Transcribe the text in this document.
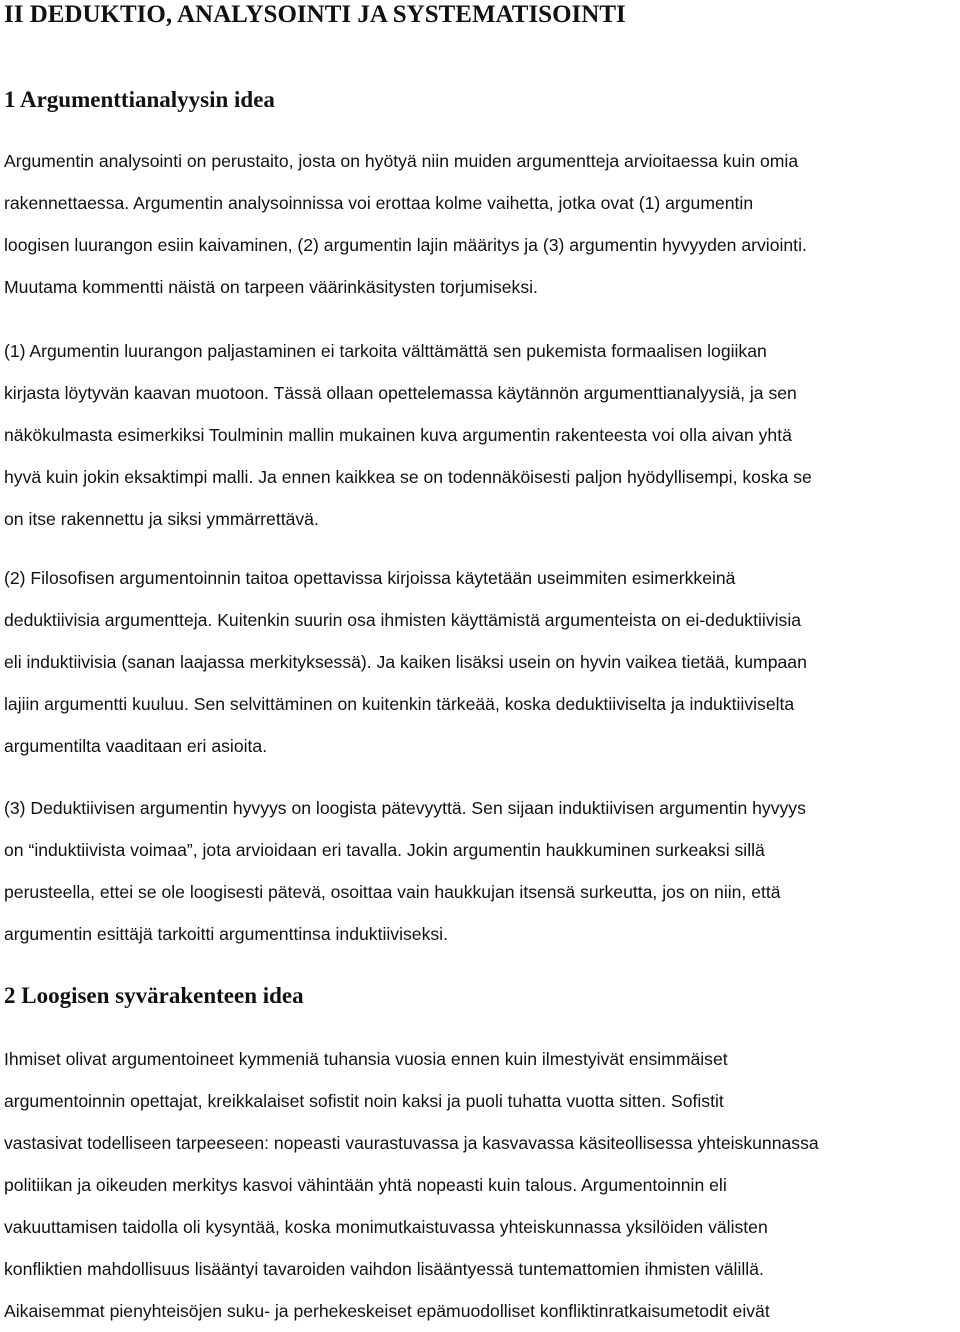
II DEDUKTIO, ANALYSOINTI JA SYSTEMATISOINTI
1 Argumenttianalyysin idea
Argumentin analysointi on perustaito, josta on hyötyä niin muiden argumentteja arvioitaessa kuin omia
rakennettaessa. Argumentin analysoinnissa voi erottaa kolme vaihetta, jotka ovat (1) argumentin
loogisen luurangon esiin kaivaminen, (2) argumentin lajin määritys ja (3) argumentin hyvyyden arviointi.
Muutama kommentti näistä on tarpeen väärinkäsitysten torjumiseksi.
(1) Argumentin luurangon paljastaminen ei tarkoita välttämättä sen pukemista formaalisen logiikan
kirjasta löytyvän kaavan muotoon. Tässä ollaan opettelemassa käytännön argumenttianalyysiä, ja sen
näkökulmasta esimerkiksi Toulminin mallin mukainen kuva argumentin rakenteesta voi olla aivan yhtä
hyvä kuin jokin eksaktimpi malli. Ja ennen kaikkea se on todennäköisesti paljon hyödyllisempi, koska se
on itse rakennettu ja siksi ymmärrettävä.
(2) Filosofisen argumentoinnin taitoa opettavissa kirjoissa käytetään useimmiten esimerkkeinä
deduktiivisia argumentteja. Kuitenkin suurin osa ihmisten käyttämistä argumenteista on ei-deduktiivisia
eli induktiivisia (sanan laajassa merkityksessä). Ja kaiken lisäksi usein on hyvin vaikea tietää, kumpaan
lajiin argumentti kuuluu. Sen selvittäminen on kuitenkin tärkeää, koska deduktiiviselta ja induktiiviselta
argumentilta vaaditaan eri asioita.
(3) Deduktiivisen argumentin hyvyys on loogista pätevyyttä. Sen sijaan induktiivisen argumentin hyvyys
on “induktiivista voimaa”, jota arvioidaan eri tavalla. Jokin argumentin haukkuminen surkeaksi sillä
perusteella, ettei se ole loogisesti pätevä, osoittaa vain haukkujan itsensä surkeutta, jos on niin, että
argumentin esittäjä tarkoitti argumenttinsa induktiiviseksi.
2 Loogisen syvärakenteen idea
Ihmiset olivat argumentoineet kymmeniä tuhansia vuosia ennen kuin ilmestyivät ensimmäiset
argumentoinnin opettajat, kreikkalaiset sofistit noin kaksi ja puoli tuhatta vuotta sitten. Sofistit
vastasivat todelliseen tarpeeseen: nopeasti vaurastuvassa ja kasvavassa käsiteollisessa yhteiskunnassa
politiikan ja oikeuden merkitys kasvoi vähintään yhtä nopeasti kuin talous. Argumentoinnin eli
vakuuttamisen taidolla oli kysyntää, koska monimutkaistuvassa yhteiskunnassa yksilöiden välisten
konfliktien mahdollisuus lisääntyi tavaroiden vaihdon lisääntyessä tuntemattomien ihmisten välillä.
Aikaisemmat pienyhteisöjen suku- ja perhekeskeiset epämuodolliset konfliktinratkaisumetodit eivät
